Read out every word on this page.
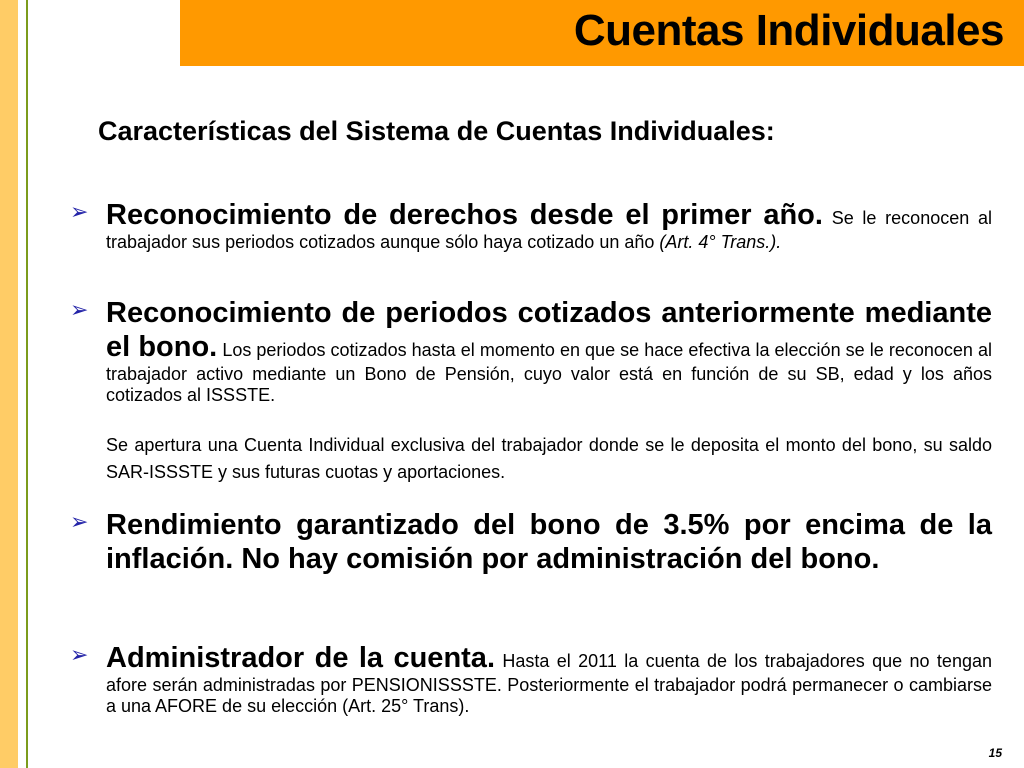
Cuentas Individuales
Características del Sistema de Cuentas Individuales:
➢ Reconocimiento de derechos desde el primer año. Se le reconocen al trabajador sus periodos cotizados aunque sólo haya cotizado un año (Art. 4° Trans.).
➢ Reconocimiento de periodos cotizados anteriormente mediante el bono. Los periodos cotizados hasta el momento en que se hace efectiva la elección se le reconocen al trabajador activo mediante un Bono de Pensión, cuyo valor está en función de su SB, edad y los años cotizados al ISSSTE.
Se apertura una Cuenta Individual exclusiva del trabajador donde se le deposita el monto del bono, su saldo SAR-ISSSTE y sus futuras cuotas y aportaciones.
➢ Rendimiento garantizado del bono de 3.5% por encima de la inflación. No hay comisión por administración del bono.
➢ Administrador de la cuenta. Hasta el 2011 la cuenta de los trabajadores que no tengan afore serán administradas por PENSIONISSSTE. Posteriormente el trabajador podrá permanecer o cambiarse a una AFORE de su elección (Art. 25° Trans).
15
